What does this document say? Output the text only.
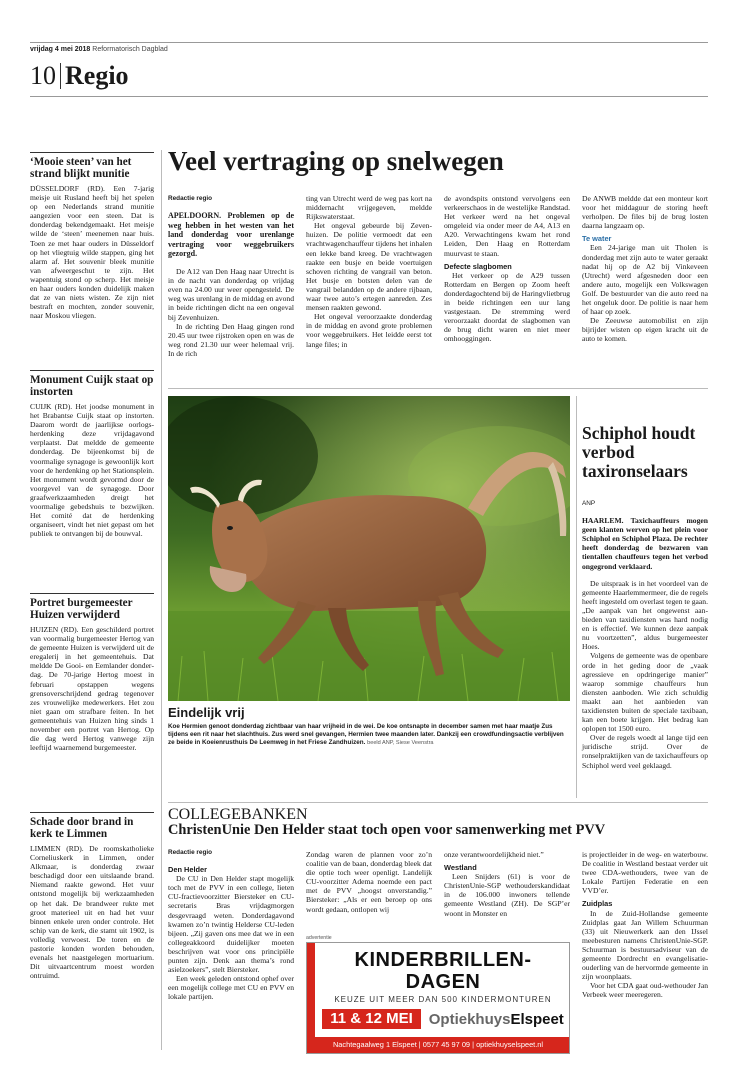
vrijdag 4 mei 2018 Reformatorisch Dagblad
10 Regio
‘Mooie steen’ van het strand blijkt munitie
DÜSSELDORF (RD). Een 7-jarig meisje uit Rusland heeft bij het spelen op een Nederlands strand munitie aangezien voor een steen. Dat is donderdag bekendgemaakt. Het meisje wilde de ‘steen’ meenemen naar huis. Toen ze met haar ouders in Düsseldorf op het vliegtuig wilde stappen, ging het alarm af. Het souvenir bleek munitie van afweergeschut te zijn. Het wapentuig stond op scherp. Het meisje en haar ouders konden duidelijk maken dat ze van niets wisten. Ze zijn niet bestraft en mochten, zonder souvenir, naar Moskou vliegen.
Monument Cuijk staat op instorten
CUIJK (RD). Het joodse monument in het Brabantse Cuijk staat op instorten. Daarom wordt de jaarlijkse oorlogsherdenking deze vrijdagavond verplaatst. Dat meldde de gemeente donderdag. De bijeenkomst bij de voormalige synagoge is gewoonlijk kort voor de herdenking op het Stationsplein. Het monument wordt gevormd door de voorgevel van de synagoge. Door graafwerkzaamheden dreigt het voormalige gebedshuis te bezwijken. Het comité dat de herdenking organiseert, vindt het niet gepast om het publiek te ontvangen bij de bouwval.
Portret burgemeester Huizen verwijderd
HUIZEN (RD). Een geschilderd portret van voormalig burgemeester Hertog van de gemeente Huizen is verwijderd uit de eregalerij in het gemeentehuis. Dat meldde De Gooi- en Eemlander donderdag. De 70-jarige Hertog moest in februari opstappen wegens grensoverschrijdend gedrag tegenover zes vrouwelijke medewerkers. Het zou niet gaan om strafbare feiten. In het gemeentehuis van Huizen hing sinds 1 november een portret van Hertog. Op die dag werd Hertog vanwege zijn leeftijd waarnemend burgemeester.
Schade door brand in kerk te Limmen
LIMMEN (RD). De roomskatholieke Corneliuskerk in Limmen, onder Alkmaar, is donderdag zwaar beschadigd door een uitslaande brand. Niemand raakte gewond. Het vuur ontstond mogelijk bij werkzaamheden op het dak. De brandweer rukte met groot materieel uit en had het vuur binnen enkele uren onder controle. Het schip van de kerk, die stamt uit 1902, is volledig verwoest. De toren en de pastorie konden worden behouden, evenals het naastgelegen mortuarium. Dit uitvaartcentrum moest worden ontruimd.
Veel vertraging op snelwegen
Redactie regio

APELDOORN. Problemen op de weg hebben in het westen van het land donderdag voor urenlange vertraging voor weggebruikers gezorgd.

De A12 van Den Haag naar Utrecht is in de nacht van donderdag op vrijdag even na 24.00 uur weer opengesteld. De weg was urenlang in de middag en avond in beide richtingen dicht na een ongeval bij Zevenhuizen.

In de richting Den Haag gingen rond 20.45 uur twee rijstroken open en was de weg rond 21.30 uur weer helemaal vrij. In de rich

ting van Utrecht werd de weg pas kort na middernacht vrijgegeven, meldde Rijkswaterstaat.

Het ongeval gebeurde bij Zevenhuizen. De politie vermoedt dat een vrachtwagenchauffeur tijdens het inhalen een lekke band kreeg. De vrachtwagen raakte een busje en beide voertuigen schoven richting de vangrail van beton. Het busje en botsten delen van de vangrail belandden op de andere rijbaan, waar twee auto’s ertegen aanreden. Zes mensen raakten gewond.

Het ongeval veroorzaakte donderdag in de middag en avond grote problemen voor weggebruikers. Het leidde eerst tot lange files; in

de avondspits ontstond vervolgens een verkeerschaos in de westelijke Randstad. Het verkeer werd na het ongeval omgeleid via onder meer de A4, A13 en A20. Verwachtingens kwam het rond Leiden, Den Haag en Rotterdam muurvast te staan.

Defecte slagbomen

Het verkeer op de A29 tussen Rotterdam en Bergen op Zoom heeft donderdagochtend bij de Haringvlietbrug in beide richtingen een uur lang vastgestaan. De stremming werd veroorzaakt doordat de slagbomen van de brug dicht waren en niet meer omhooggingen.

De ANWB meldde dat een monteur kort voor het middaguur de storing heeft verholpen. De files bij de brug losten daarna langzaam op.

Te water

Een 24-jarige man uit Tholen is donderdag met zijn auto te water geraakt nadat hij op de A2 bij Vinkeveen (Utrecht) werd afgesneden door een andere auto, mogelijk een Volkswagen Golf. De bestuurder van die auto reed na het ongeluk door. De politie is naar hem of haar op zoek.

De Zeeuwse automobilist en zijn bijrijder wisten op eigen kracht uit de auto te komen.

Eindelijk vrij
Koe Hermien genoot donderdag zichtbaar van haar vrijheid in de wei. De koe ontsnapte in december samen met haar maatje Zus tijdens een rit naar het slachthuis. Zus werd snel gevangen, Hermien twee maanden later. Dankzij een crowdfundingsactie verblijven ze beide in Koeienrusthuis De Leemweg in het Friese Zandhuizen. beeld ANP, Siese Veenstra
Schiphol houdt verbod taxironselaars
ANP

HAARLEM. Taxichauffeurs mogen geen klanten werven op het plein voor Schiphol en Schiphol Plaza. De rechter heeft donderdag de bezwaren van tientallen chauffeurs tegen het verbod ongegrond verklaard.

De uitspraak is in het voordeel van de gemeente Haarlemmermeer, die de regels heeft ingesteld om overlast tegen te gaan. „De aanpak van het ongewenst aanbieden van taxidiensten was hard nodig en is effectief. We kunnen deze aanpak nu voortzetten”, aldus burgemeester Hoes.

Volgens de gemeente was de openbare orde in het geding door de „vaak agressieve en opdringerige manier” waarop sommige chauffeurs hun diensten aanboden. Wie zich schuldig maakt aan het aanbieden van taxidiensten buiten de speciale taxibaan, kan een boete krijgen. Het bedrag kan oplopen tot 1500 euro.

Over de regels woedt al lange tijd een juridische strijd. Over de ronselpraktijken van de taxichauffeurs op Schiphol werd veel geklaagd.

COLLEGEBANKEN
ChristenUnie Den Helder staat toch open voor samenwerking met PVV
Redactie regio
Den Helder

De CU in Den Helder stapt mogelijk toch met de PVV in een college, lieten CU-fractievoorzitter Biersteker en CU-secretaris Bras vrijdagmorgen desgevraagd weten. Donderdagavond kwamen zo’n twintig Helderse CU-leden bijeen. „Zij gaven ons mee dat we in een collegeakkoord duidelijker moeten beschrijven wat voor ons principiële punten zijn. Denk aan thema’s rond asielzoekers”, stelt Biersteker.

Een week geleden ontstond ophef over een mogelijk college met CU en PVV en lokale partijen.

Zondag waren de plannen voor zo’n coalitie van de baan, donderdag bleek dat die optie toch weer openligt. Landelijk CU-voorzitter Adema noemde een pact met de PVV „hoogst onverstandig.” Biersteker: „Als er een beroep op ons wordt gedaan, ontlopen wij

onze verantwoordelijkheid niet.”

Westland

Leen Snijders (61) is voor de ChristenUnie-SGP wethouderskandidaat in de 106.000 inwoners tellende gemeente Westland (ZH). De SGP’er woont in Monster en

is projectleider in de weg- en waterbouw. De coalitie in Westland bestaat verder uit twee CDA-wethouders, twee van de Lokale Partijen Federatie en een VVD’er.

Zuidplas

In de Zuid-Hollandse gemeente Zuidplas gaat Jan Willem Schuurman (33) uit Nieuwerkerk aan den IJssel meebesturen namens ChristenUnie-SGP. Schuurman is bestuursadviseur van de gemeente Dordrecht en evangelisatieouderling van de hervormde gemeente in zijn woonplaats.

Voor het CDA gaat oud-wethouder Jan Verbeek weer meeregeren.

advertentie
KINDERBRILLEN-DAGEN
KEUZE UIT MEER DAN 500 KINDERMONTUREN
11 & 12 MEI	OptiekhuysElspeet
Nachtegaalweg 1 Elspeet | 0577 45 97 09 | optiekhuyselspeet.nl
